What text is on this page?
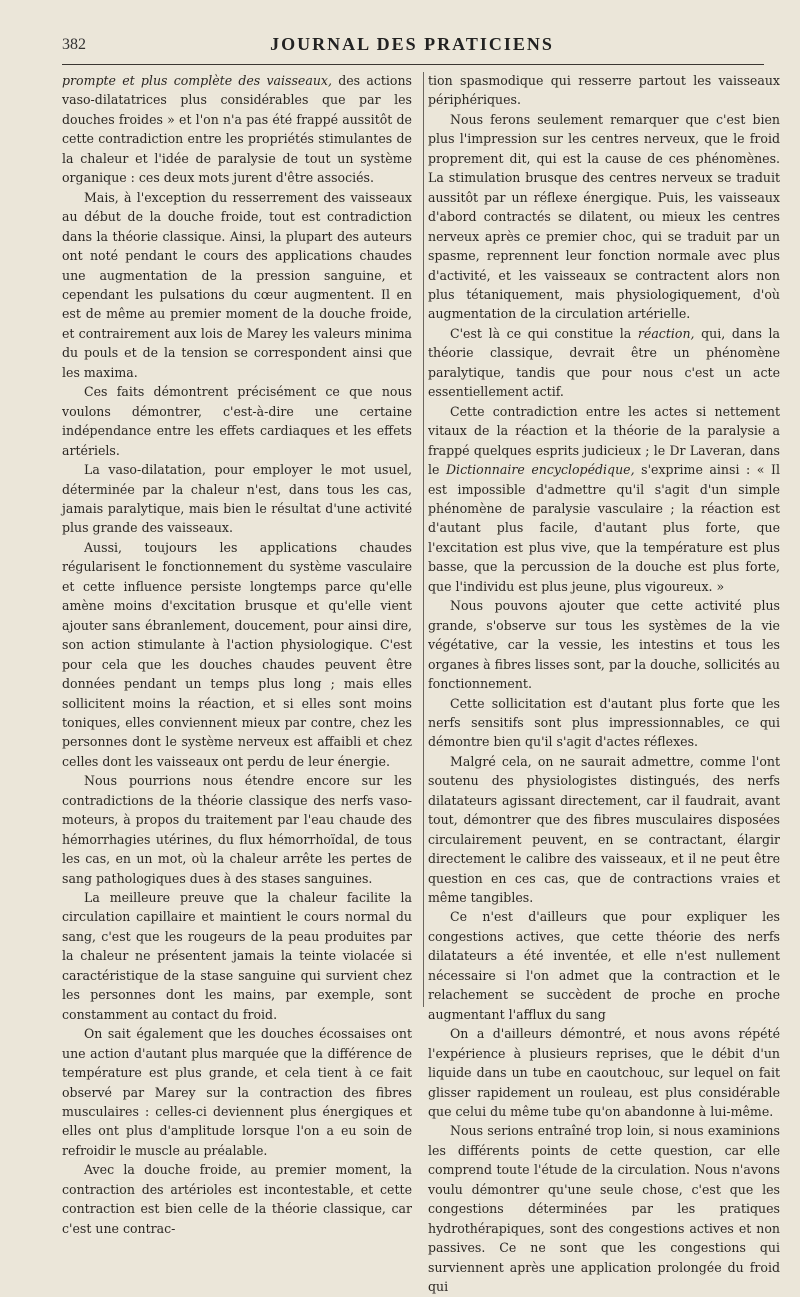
382	JOURNAL DES PRATICIENS

prompte et plus complète des vaisseaux, des actions vaso-dilatatrices plus considérables que par les douches froides » et l'on n'a pas été frappé aussitôt de cette contradiction entre les propriétés stimulantes de la chaleur et l'idée de paralysie de tout un système organique : ces deux mots jurent d'être associés.

Mais, à l'exception du resserrement des vaisseaux au début de la douche froide, tout est contradiction dans la théorie classique. Ainsi, la plupart des auteurs ont noté pendant le cours des applications chaudes une augmentation de la pression sanguine, et cependant les pulsations du cœur augmentent. Il en est de même au premier moment de la douche froide, et contrairement aux lois de Marey les valeurs minima du pouls et de la tension se correspondent ainsi que les maxima.

Ces faits démontrent précisément ce que nous voulons démontrer, c'est-à-dire une certaine indépendance entre les effets cardiaques et les effets artériels.

La vaso-dilatation, pour employer le mot usuel, déterminée par la chaleur n'est, dans tous les cas, jamais paralytique, mais bien le résultat d'une activité plus grande des vaisseaux.

Aussi, toujours les applications chaudes régularisent le fonctionnement du système vasculaire et cette influence persiste longtemps parce qu'elle amène moins d'excitation brusque et qu'elle vient ajouter sans ébranlement, doucement, pour ainsi dire, son action stimulante à l'action physiologique. C'est pour cela que les douches chaudes peuvent être données pendant un temps plus long ; mais elles sollicitent moins la réaction, et si elles sont moins toniques, elles conviennent mieux par contre, chez les personnes dont le système nerveux est affaibli et chez celles dont les vaisseaux ont perdu de leur énergie.

Nous pourrions nous étendre encore sur les contradictions de la théorie classique des nerfs vaso-moteurs, à propos du traitement par l'eau chaude des hémorrhagies utérines, du flux hémorrhoïdal, de tous les cas, en un mot, où la chaleur arrête les pertes de sang pathologiques dues à des stases sanguines.

La meilleure preuve que la chaleur facilite la circulation capillaire et maintient le cours normal du sang, c'est que les rougeurs de la peau produites par la chaleur ne présentent jamais la teinte violacée si caractéristique de la stase sanguine qui survient chez les personnes dont les mains, par exemple, sont constamment au contact du froid.

On sait également que les douches écossaises ont une action d'autant plus marquée que la différence de température est plus grande, et cela tient à ce fait observé par Marey sur la contraction des fibres musculaires : celles-ci deviennent plus énergiques et elles ont plus d'amplitude lorsque l'on a eu soin de refroidir le muscle au préalable.

Avec la douche froide, au premier moment, la contraction des artérioles est incontestable, et cette contraction est bien celle de la théorie classique, car c'est une contrac-

tion spasmodique qui resserre partout les vaisseaux périphériques.

Nous ferons seulement remarquer que c'est bien plus l'impression sur les centres nerveux, que le froid proprement dit, qui est la cause de ces phénomènes. La stimulation brusque des centres nerveux se traduit aussitôt par un réflexe énergique. Puis, les vaisseaux d'abord contractés se dilatent, ou mieux les centres nerveux après ce premier choc, qui se traduit par un spasme, reprennent leur fonction normale avec plus d'activité, et les vaisseaux se contractent alors non plus tétaniquement, mais physiologiquement, d'où augmentation de la circulation artérielle.

C'est là ce qui constitue la réaction, qui, dans la théorie classique, devrait être un phénomène paralytique, tandis que pour nous c'est un acte essentiellement actif.

Cette contradiction entre les actes si nettement vitaux de la réaction et la théorie de la paralysie a frappé quelques esprits judicieux ; le Dr Laveran, dans le Dictionnaire encyclopédique, s'exprime ainsi : « Il est impossible d'admettre qu'il s'agit d'un simple phénomène de paralysie vasculaire ; la réaction est d'autant plus facile, d'autant plus forte, que l'excitation est plus vive, que la température est plus basse, que la percussion de la douche est plus forte, que l'individu est plus jeune, plus vigoureux. »

Nous pouvons ajouter que cette activité plus grande, s'observe sur tous les systèmes de la vie végétative, car la vessie, les intestins et tous les organes à fibres lisses sont, par la douche, sollicités au fonctionnement.

Cette sollicitation est d'autant plus forte que les nerfs sensitifs sont plus impressionnables, ce qui démontre bien qu'il s'agit d'actes réflexes.

Malgré cela, on ne saurait admettre, comme l'ont soutenu des physiologistes distingués, des nerfs dilatateurs agissant directement, car il faudrait, avant tout, démontrer que des fibres musculaires disposées circulairement peuvent, en se contractant, élargir directement le calibre des vaisseaux, et il ne peut être question en ces cas, que de contractions vraies et même tangibles.

Ce n'est d'ailleurs que pour expliquer les congestions actives, que cette théorie des nerfs dilatateurs a été inventée, et elle n'est nullement nécessaire si l'on admet que la contraction et le relachement se succèdent de proche en proche augmentant l'afflux du sang

On a d'ailleurs démontré, et nous avons répété l'expérience à plusieurs reprises, que le débit d'un liquide dans un tube en caoutchouc, sur lequel on fait glisser rapidement un rouleau, est plus considérable que celui du même tube qu'on abandonne à lui-même.

Nous serions entraîné trop loin, si nous examinions les différents points de cette question, car elle comprend toute l'étude de la circulation. Nous n'avons voulu démontrer qu'une seule chose, c'est que les congestions déterminées par les pratiques hydrothérapiques, sont des congestions actives et non passives. Ce ne sont que les congestions qui surviennent après une application prolongée du froid qui
